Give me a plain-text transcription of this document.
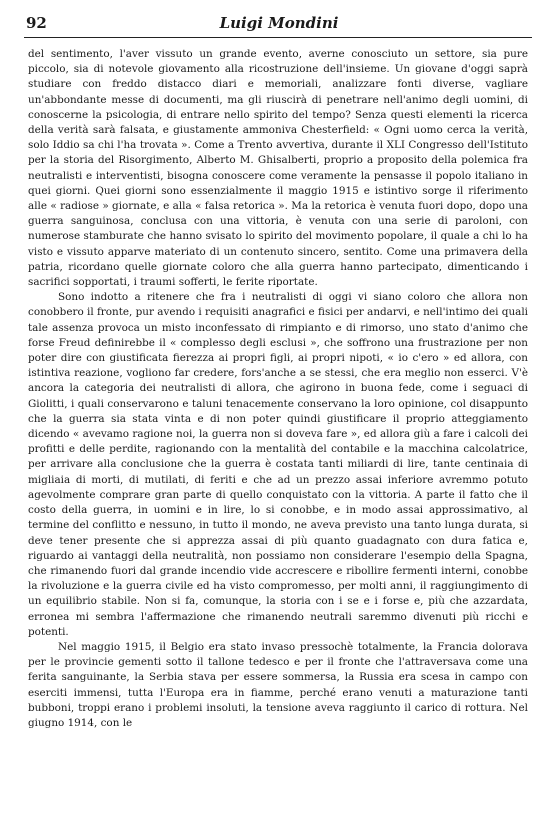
92	Luigi Mondini

del sentimento, l'aver vissuto un grande evento, averne conosciuto un settore, sia pure piccolo, sia di notevole giovamento alla ricostruzione dell'insieme. Un giovane d'oggi saprà studiare con freddo distacco diari e memoriali, analizzare fonti diverse, vagliare un'abbondante messe di documenti, ma gli riuscirà di penetrare nell'animo degli uomini, di conoscerne la psicologia, di entrare nello spirito del tempo? Senza questi elementi la ricerca della verità sarà falsata, e giustamente ammoniva Chesterfield: « Ogni uomo cerca la verità, solo Iddio sa chi l'ha trovata ». Come a Trento avvertiva, durante il XLI Congresso dell'Istituto per la storia del Risorgimento, Alberto M. Ghisalberti, proprio a proposito della polemica fra neutralisti e interventisti, bisogna conoscere come veramente la pensasse il popolo italiano in quei giorni. Quei giorni sono essenzialmente il maggio 1915 e istintivo sorge il riferimento alle « radiose » giornate, e alla « falsa retorica ». Ma la retorica è venuta fuori dopo, dopo una guerra sanguinosa, conclusa con una vittoria, è venuta con una serie di paroloni, con numerose stamburate che hanno svisato lo spirito del movimento popolare, il quale a chi lo ha visto e vissuto apparve materiato di un contenuto sincero, sentito. Come una primavera della patria, ricordano quelle giornate coloro che alla guerra hanno partecipato, dimenticando i sacrifici sopportati, i traumi sofferti, le ferite riportate.

Sono indotto a ritenere che fra i neutralisti di oggi vi siano coloro che allora non conobbero il fronte, pur avendo i requisiti anagrafici e fisici per andarvi, e nell'intimo dei quali tale assenza provoca un misto inconfessato di rimpianto e di rimorso, uno stato d'animo che forse Freud definirebbe il « complesso degli esclusi », che soffrono una frustrazione per non poter dire con giustificata fierezza ai propri figli, ai propri nipoti, « io c'ero » ed allora, con istintiva reazione, vogliono far credere, fors'anche a se stessi, che era meglio non esserci. V'è ancora la categoria dei neutralisti di allora, che agirono in buona fede, come i seguaci di Giolitti, i quali conservarono e taluni tenacemente conservano la loro opinione, col disappunto che la guerra sia stata vinta e di non poter quindi giustificare il proprio atteggiamento dicendo « avevamo ragione noi, la guerra non si doveva fare », ed allora giù a fare i calcoli dei profitti e delle perdite, ragionando con la mentalità del contabile e la macchina calcolatrice, per arrivare alla conclusione che la guerra è costata tanti miliardi di lire, tante centinaia di migliaia di morti, di mutilati, di feriti e che ad un prezzo assai inferiore avremmo potuto agevolmente comprare gran parte di quello conquistato con la vittoria. A parte il fatto che il costo della guerra, in uomini e in lire, lo si conobbe, e in modo assai approssimativo, al termine del conflitto e nessuno, in tutto il mondo, ne aveva previsto una tanto lunga durata, si deve tener presente che si apprezza assai di più quanto guadagnato con dura fatica e, riguardo ai vantaggi della neutralità, non possiamo non considerare l'esempio della Spagna, che rimanendo fuori dal grande incendio vide accrescere e ribollire fermenti interni, conobbe la rivoluzione e la guerra civile ed ha visto compromesso, per molti anni, il raggiungimento di un equilibrio stabile. Non si fa, comunque, la storia con i se e i forse e, più che azzardata, erronea mi sembra l'affermazione che rimanendo neutrali saremmo divenuti più ricchi e potenti.

Nel maggio 1915, il Belgio era stato invaso pressochè totalmente, la Francia dolorava per le provincie gementi sotto il tallone tedesco e per il fronte che l'attraversava come una ferita sanguinante, la Serbia stava per essere sommersa, la Russia era scesa in campo con eserciti immensi, tutta l'Europa era in fiamme, perché erano venuti a maturazione tanti bubboni, troppi erano i problemi insoluti, la tensione aveva raggiunto il carico di rottura. Nel giugno 1914, con le
